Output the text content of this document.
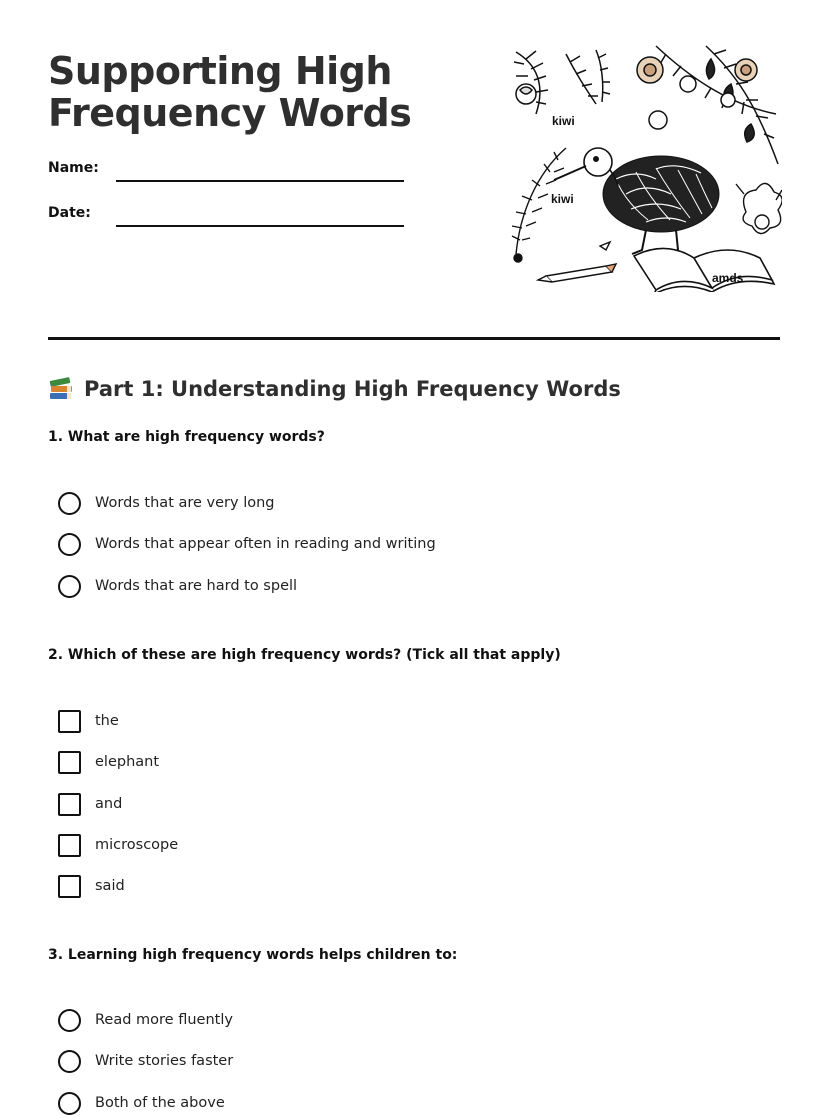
Supporting High Frequency Words
Name:
Date:
kiwi
kiwi
amds
Part 1: Understanding High Frequency Words
1. What are high frequency words?
Words that are very long
Words that appear often in reading and writing
Words that are hard to spell
2. Which of these are high frequency words? (Tick all that apply)
the
elephant
and
microscope
said
3. Learning high frequency words helps children to:
Read more fluently
Write stories faster
Both of the above
